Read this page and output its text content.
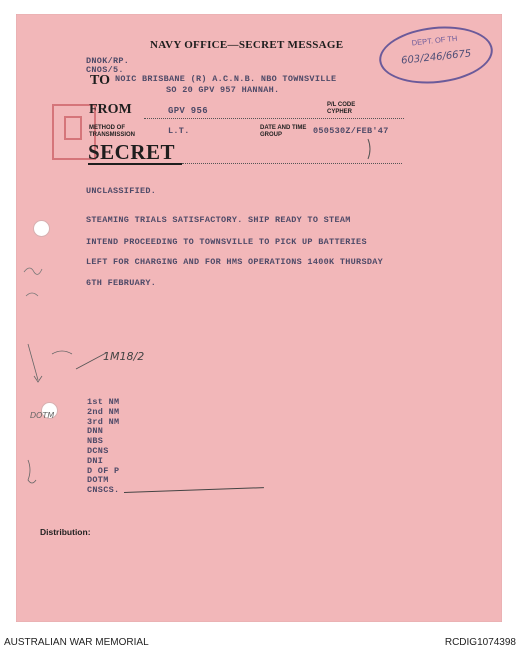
NAVY OFFICE—SECRET MESSAGE
DNOK/RP.
CNOS/5.
TO NOIC BRISBANE (R) A.C.N.B. NBO TOWNSVILLE
SO 20 GPV 957 HANNAH.
FROM	GPV 956
P/L CODE CYPHER
METHOD OF TRANSMISSION	L.T.	DATE AND TIME GROUP	050530Z/FEB'47
SECRET
UNCLASSIFIED.
STEAMING TRIALS SATISFACTORY. SHIP READY TO STEAM
INTEND PROCEEDING TO TOWNSVILLE TO PICK UP BATTERIES
LEFT FOR CHARGING AND FOR HMS OPERATIONS 1400K THURSDAY
6TH FEBRUARY.
1st NM
2nd NM
3rd NM
DNN
NBS
DCNS
DNI
D OF P
DOTM
CNSCS.
Distribution:
1M18/2
DOTM
DEPT. OF TH
603/246/6675
AUSTRALIAN WAR MEMORIAL	RCDIG1074398
